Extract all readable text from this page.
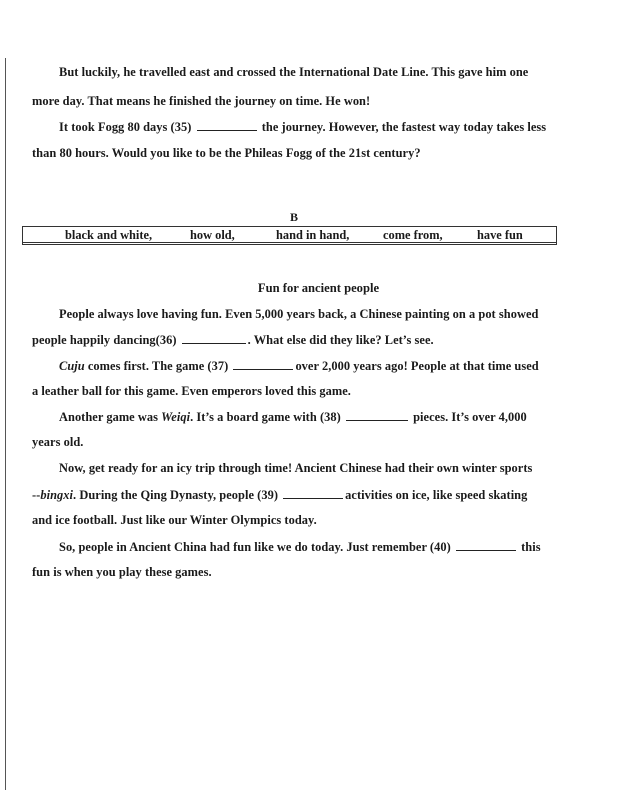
But luckily, he travelled east and crossed the International Date Line. This gave him one
more day. That means he finished the journey on time. He won!
It took Fogg 80 days (35)	the journey. However, the fastest way today takes less
than 80 hours. Would you like to be the Phileas Fogg of the 21st century?
B
black and white,	how old,	hand in hand,	come from,	have fun
Fun for ancient people
People always love having fun. Even 5,000 years back, a Chinese painting on a pot showed
people happily dancing(36)	. What else did they like? Let’s see.
Cuju comes first. The game (37)	over 2,000 years ago! People at that time used
a leather ball for this game. Even emperors loved this game.
Another game was Weiqi. It’s a board game with (38)	pieces. It’s over 4,000
years old.
Now, get ready for an icy trip through time! Ancient Chinese had their own winter sports
--bingxi. During the Qing Dynasty, people (39)	activities on ice, like speed skating
and ice football. Just like our Winter Olympics today.
So, people in Ancient China had fun like we do today. Just remember (40)	this
fun is when you play these games.
